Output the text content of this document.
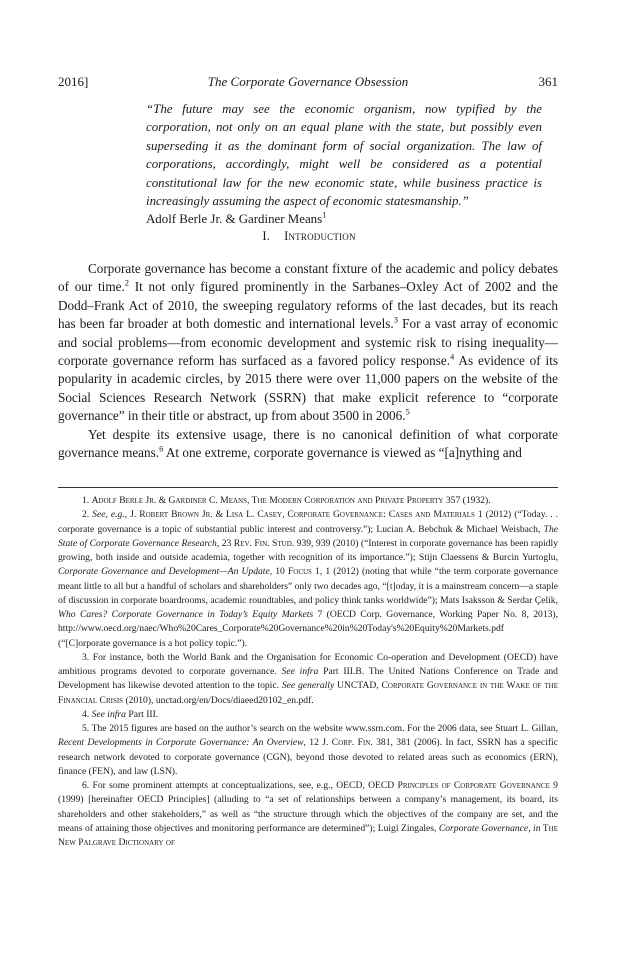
2016]	The Corporate Governance Obsession	361
“The future may see the economic organism, now typified by the corporation, not only on an equal plane with the state, but possibly even superseding it as the dominant form of social organization. The law of corporations, accordingly, might well be considered as a potential constitutional law for the new economic state, while business practice is increasingly assuming the aspect of economic statesmanship.”
Adolf Berle Jr. & Gardiner Means$^1$
I. Introduction

Corporate governance has become a constant fixture of the academic and policy debates of our time.$^2$ It not only figured prominently in the Sarbanes–Oxley Act of 2002 and the Dodd–Frank Act of 2010, the sweeping regulatory reforms of the last decades, but its reach has been far broader at both domestic and international levels.$^3$ For a vast array of economic and social problems—from economic development and systemic risk to rising inequality—corporate governance reform has surfaced as a favored policy response.$^4$ As evidence of its popularity in academic circles, by 2015 there were over 11,000 papers on the website of the Social Sciences Research Network (SSRN) that make explicit reference to “corporate governance” in their title or abstract, up from about 3500 in 2006.$^5$

Yet despite its extensive usage, there is no canonical definition of what corporate governance means.$^6$ At one extreme, corporate governance is viewed as “[a]nything and

1. Adolf Berle Jr. & Gardiner C. Means, The Modern Corporation and Private Property 357 (1932).

2. See, e.g., J. Robert Brown Jr. & Lisa L. Casey, Corporate Governance: Cases and Materials 1 (2012) (“Today. . . corporate governance is a topic of substantial public interest and controversy.”); Lucian A. Bebchuk & Michael Weisbach, The State of Corporate Governance Research, 23 Rev. Fin. Stud. 939, 939 (2010) (“Interest in corporate governance has been rapidly growing, both inside and outside academia, together with recognition of its importance.”); Stijn Claessens & Burcin Yurtoglu, Corporate Governance and Development—An Update, 10 Focus 1, 1 (2012) (noting that while “the term corporate governance meant little to all but a handful of scholars and shareholders” only two decades ago, “[t]oday, it is a mainstream concern—a staple of discussion in corporate boardrooms, academic roundtables, and policy think tanks worldwide”); Mats Isaksson & Serdar Çelik, Who Cares? Corporate Governance in Today’s Equity Markets 7 (OECD Corp. Governance, Working Paper No. 8, 2013), http://www.oecd.org/naec/Who%20Cares_Corporate%20Governance%20in%20Today's%20Equity%20Markets.pdf (“[C]orporate governance is a hot policy topic.”).

3. For instance, both the World Bank and the Organisation for Economic Co-operation and Development (OECD) have ambitious programs devoted to corporate governance. See infra Part III.B. The United Nations Conference on Trade and Development has likewise devoted attention to the topic. See generally UNCTAD, Corporate Governance in the Wake of the Financial Crisis (2010), unctad.org/en/Docs/diaeed20102_en.pdf.

4. See infra Part III.

5. The 2015 figures are based on the author’s search on the website www.ssrn.com. For the 2006 data, see Stuart L. Gillan, Recent Developments in Corporate Governance: An Overview, 12 J. Corp. Fin. 381, 381 (2006). In fact, SSRN has a specific research network devoted to corporate governance (CGN), beyond those devoted to related areas such as economics (ERN), finance (FEN), and law (LSN).

6. For some prominent attempts at conceptualizations, see, e.g., OECD, OECD Principles of Corporate Governance 9 (1999) [hereinafter OECD Principles] (alluding to “a set of relationships between a company’s management, its board, its shareholders and other stakeholders,” as well as “the structure through which the objectives of the company are set, and the means of attaining those objectives and monitoring performance are determined”); Luigi Zingales, Corporate Governance, in The New Palgrave Dictionary of
